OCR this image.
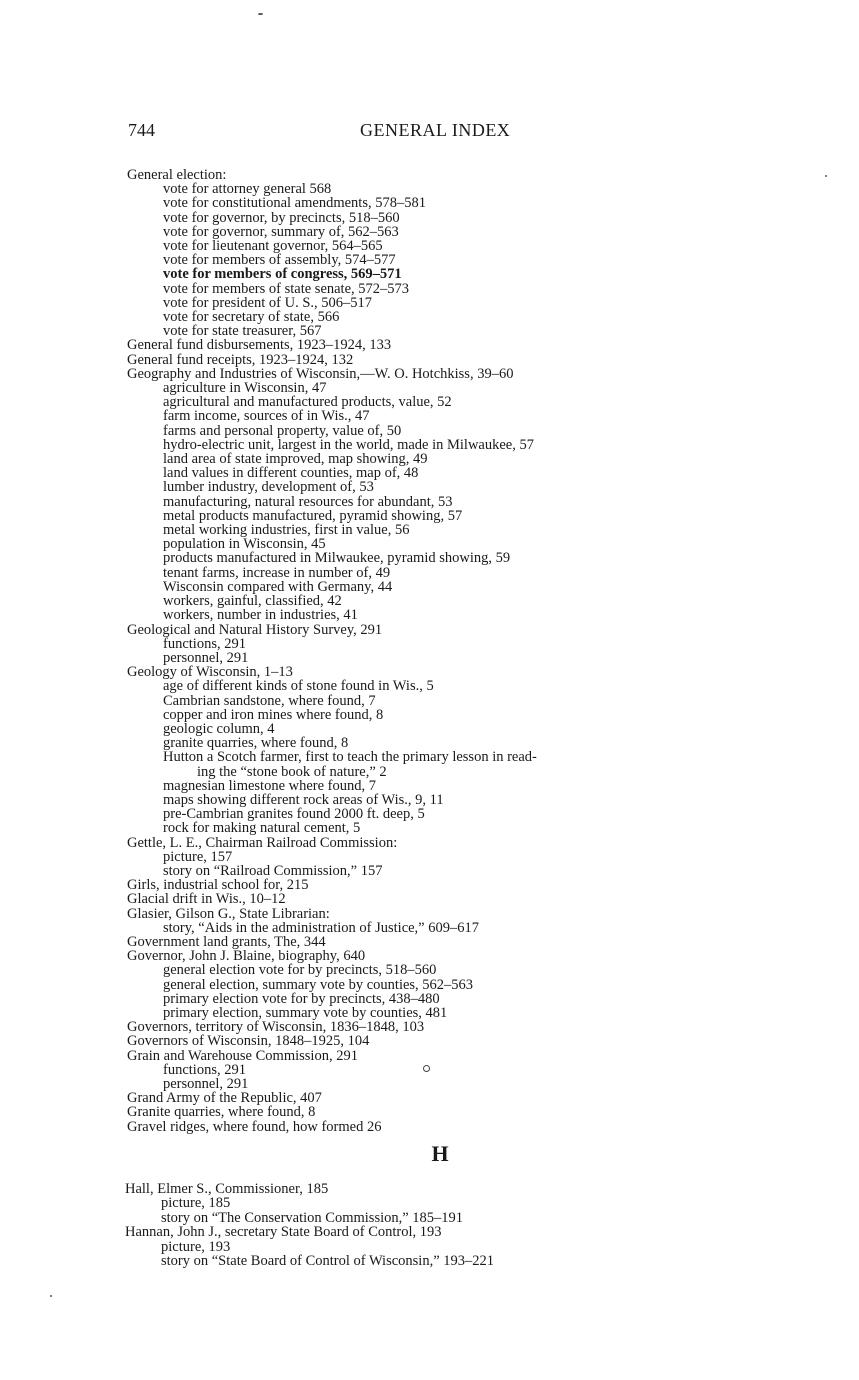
744	GENERAL INDEX
General election:
vote for attorney general 568
vote for constitutional amendments, 578–581
vote for governor, by precincts, 518–560
vote for governor, summary of, 562–563
vote for lieutenant governor, 564–565
vote for members of assembly, 574–577
vote for members of congress, 569–571
vote for members of state senate, 572–573
vote for president of U. S., 506–517
vote for secretary of state, 566
vote for state treasurer, 567
General fund disbursements, 1923–1924, 133
General fund receipts, 1923–1924, 132
Geography and Industries of Wisconsin,—W. O. Hotchkiss, 39–60
agriculture in Wisconsin, 47
agricultural and manufactured products, value, 52
farm income, sources of in Wis., 47
farms and personal property, value of, 50
hydro-electric unit, largest in the world, made in Milwaukee, 57
land area of state improved, map showing, 49
land values in different counties, map of, 48
lumber industry, development of, 53
manufacturing, natural resources for abundant, 53
metal products manufactured, pyramid showing, 57
metal working industries, first in value, 56
population in Wisconsin, 45
products manufactured in Milwaukee, pyramid showing, 59
tenant farms, increase in number of, 49
Wisconsin compared with Germany, 44
workers, gainful, classified, 42
workers, number in industries, 41
Geological and Natural History Survey, 291
functions, 291
personnel, 291
Geology of Wisconsin, 1–13
age of different kinds of stone found in Wis., 5
Cambrian sandstone, where found, 7
copper and iron mines where found, 8
geologic column, 4
granite quarries, where found, 8
Hutton a Scotch farmer, first to teach the primary lesson in read-
ing the “stone book of nature,” 2
magnesian limestone where found, 7
maps showing different rock areas of Wis., 9, 11
pre-Cambrian granites found 2000 ft. deep, 5
rock for making natural cement, 5
Gettle, L. E., Chairman Railroad Commission:
picture, 157
story on “Railroad Commission,” 157
Girls, industrial school for, 215
Glacial drift in Wis., 10–12
Glasier, Gilson G., State Librarian:
story, “Aids in the administration of Justice,” 609–617
Government land grants, The, 344
Governor, John J. Blaine, biography, 640
general election vote for by precincts, 518–560
general election, summary vote by counties, 562–563
primary election vote for by precincts, 438–480
primary election, summary vote by counties, 481
Governors, territory of Wisconsin, 1836–1848, 103
Governors of Wisconsin, 1848–1925, 104
Grain and Warehouse Commission, 291
functions, 291
personnel, 291
Grand Army of the Republic, 407
Granite quarries, where found, 8
Gravel ridges, where found, how formed 26
H
Hall, Elmer S., Commissioner, 185
picture, 185
story on “The Conservation Commission,” 185–191
Hannan, John J., secretary State Board of Control, 193
picture, 193
story on “State Board of Control of Wisconsin,” 193–221
